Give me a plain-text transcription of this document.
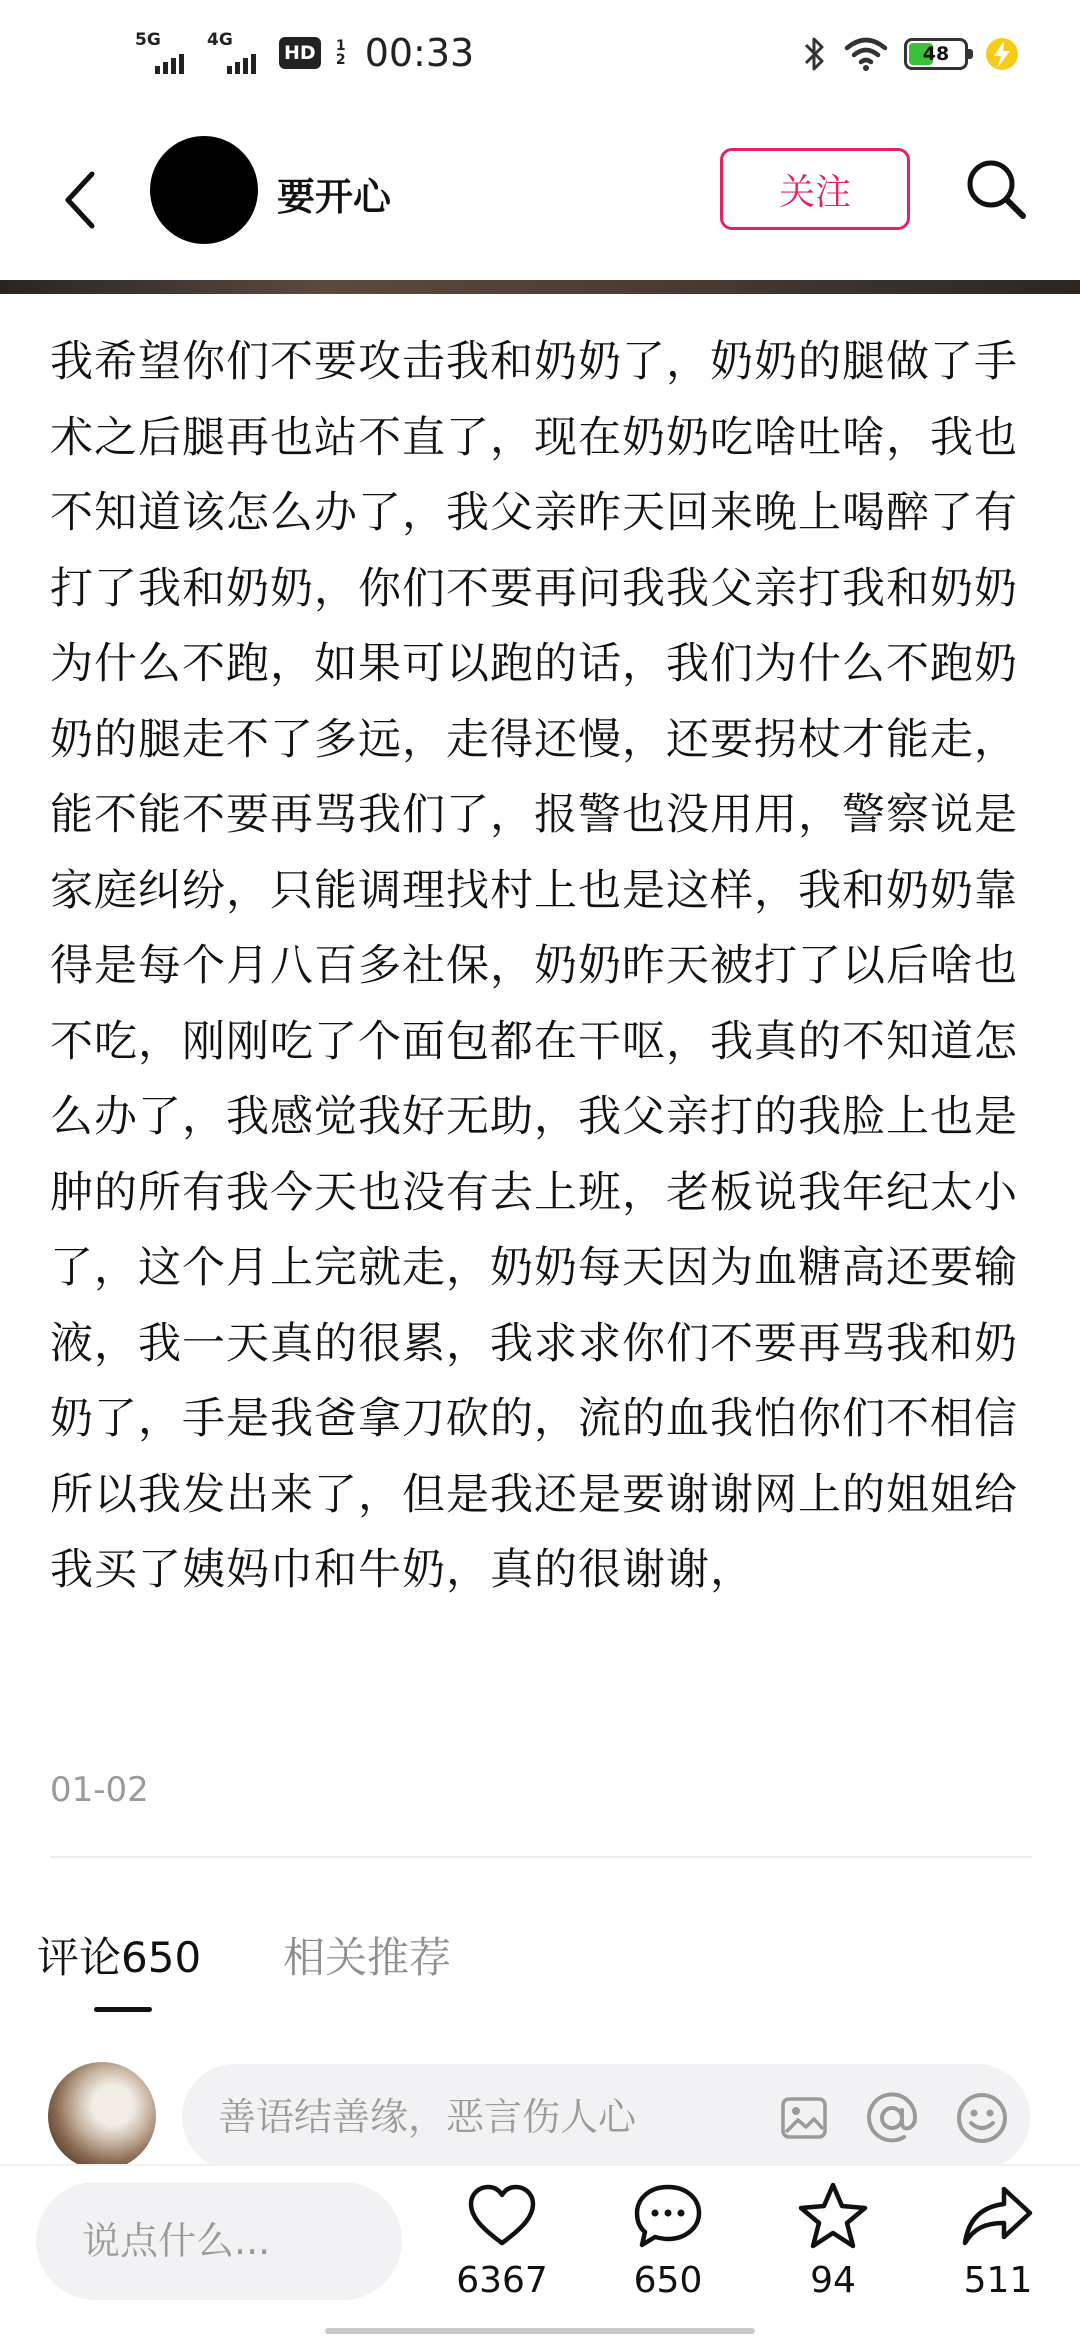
5G	4G
HD	1
2 00:33	48
要开心	关注
我希望你们不要攻击我和奶奶了，奶奶的腿做了手术之后腿再也站不直了，现在奶奶吃啥吐啥，我也不知道该怎么办了，我父亲昨天回来晚上喝醉了有打了我和奶奶，你们不要再问我我父亲打我和奶奶为什么不跑，如果可以跑的话，我们为什么不跑奶奶的腿走不了多远，走得还慢，还要拐杖才能走，能不能不要再骂我们了，报警也没用用，警察说是家庭纠纷，只能调理找村上也是这样，我和奶奶靠得是每个月八百多社保，奶奶昨天被打了以后啥也不吃，刚刚吃了个面包都在干呕，我真的不知道怎么办了，我感觉我好无助，我父亲打的我脸上也是肿的所有我今天也没有去上班，老板说我年纪太小了，这个月上完就走，奶奶每天因为血糖高还要输液，我一天真的很累，我求求你们不要再骂我和奶奶了，手是我爸拿刀砍的，流的血我怕你们不相信所以我发出来了，但是我还是要谢谢网上的姐姐给我买了姨妈巾和牛奶，真的很谢谢，
01-02
评论650 相关推荐
善语结善缘，恶言伤人心
说点什么...
6367	650	94	511
